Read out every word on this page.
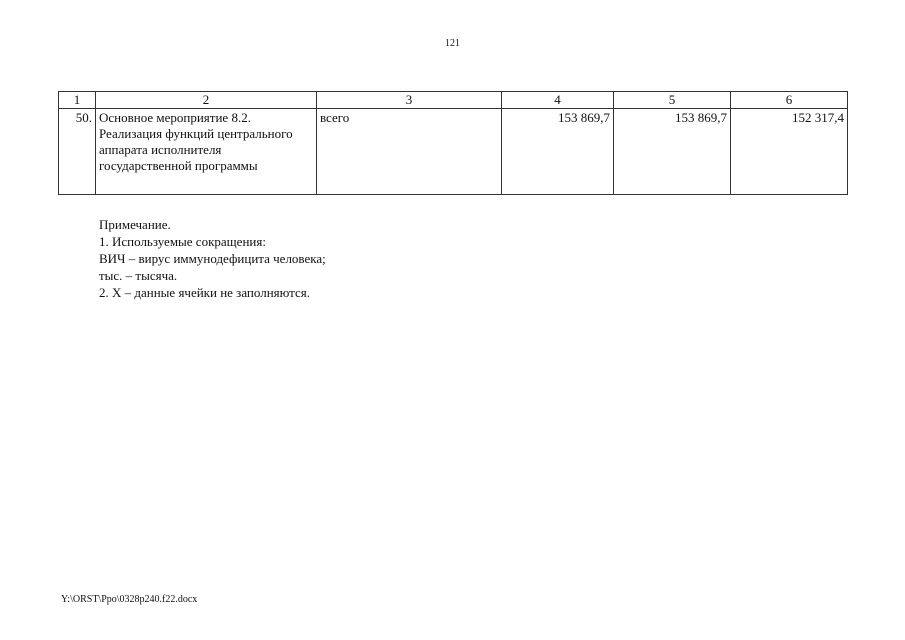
121
1	2	3	4	5	6
50.	Основное мероприятие 8.2. Реализация функций центрального аппарата исполнителя государственной программы	всего	153 869,7	153 869,7	152 317,4
Примечание.
1. Используемые сокращения:
ВИЧ – вирус иммунодефицита человека;
тыс. – тысяча.
2. Х – данные ячейки не заполняются.
Y:\ORST\Ppo\0328p240.f22.docx
